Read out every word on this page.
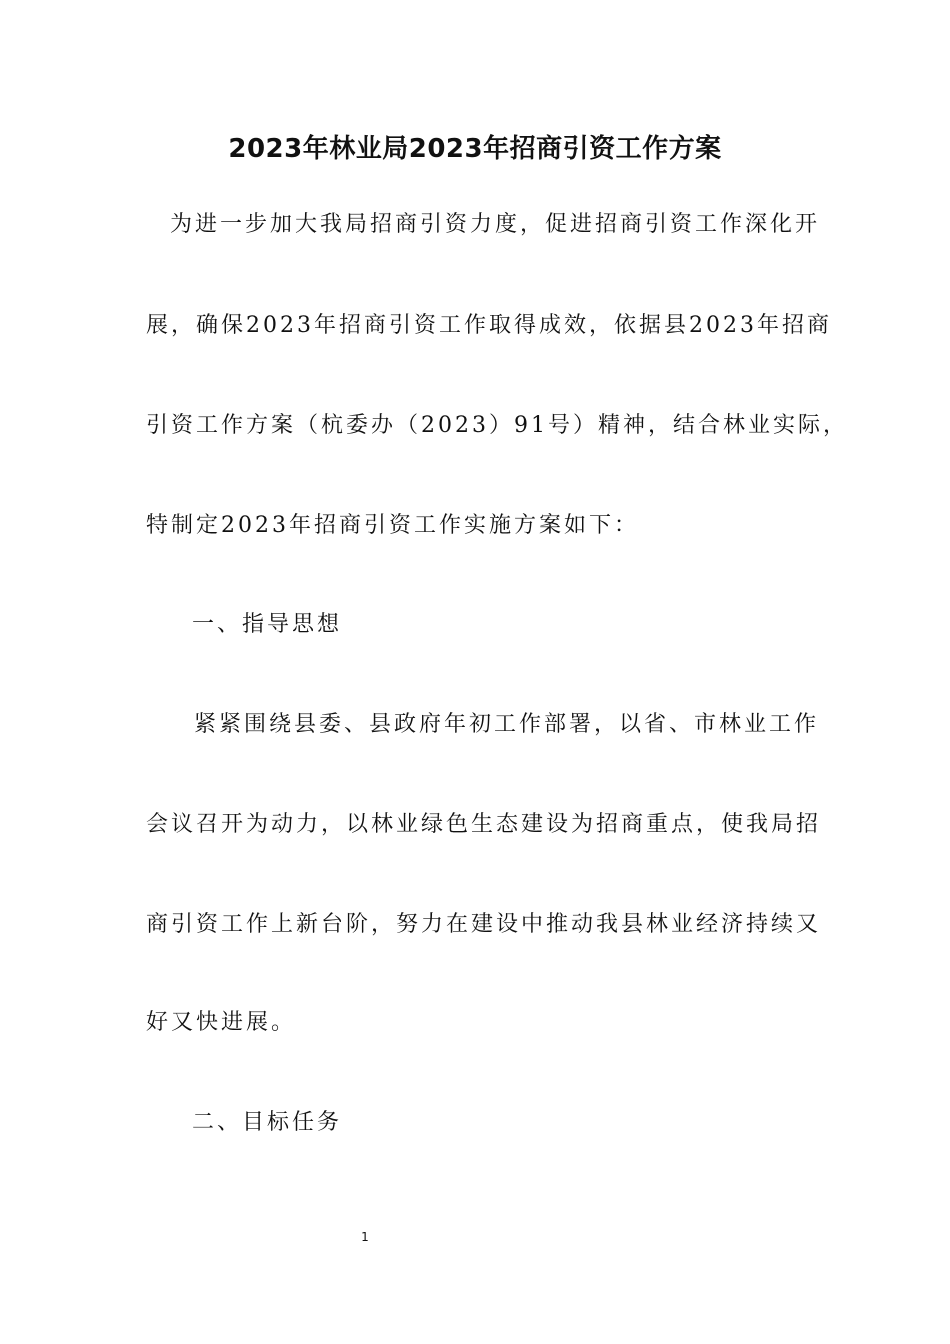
2023年林业局2023年招商引资工作方案
为进一步加大我局招商引资力度，促进招商引资工作深化开
展，确保2023年招商引资工作取得成效，依据县2023年招商
引资工作方案（杭委办（2023）91号）精神，结合林业实际，
特制定2023年招商引资工作实施方案如下：
一、指导思想
紧紧围绕县委、县政府年初工作部署，以省、市林业工作
会议召开为动力，以林业绿色生态建设为招商重点，使我局招
商引资工作上新台阶，努力在建设中推动我县林业经济持续又
好又快进展。
二、目标任务
1
